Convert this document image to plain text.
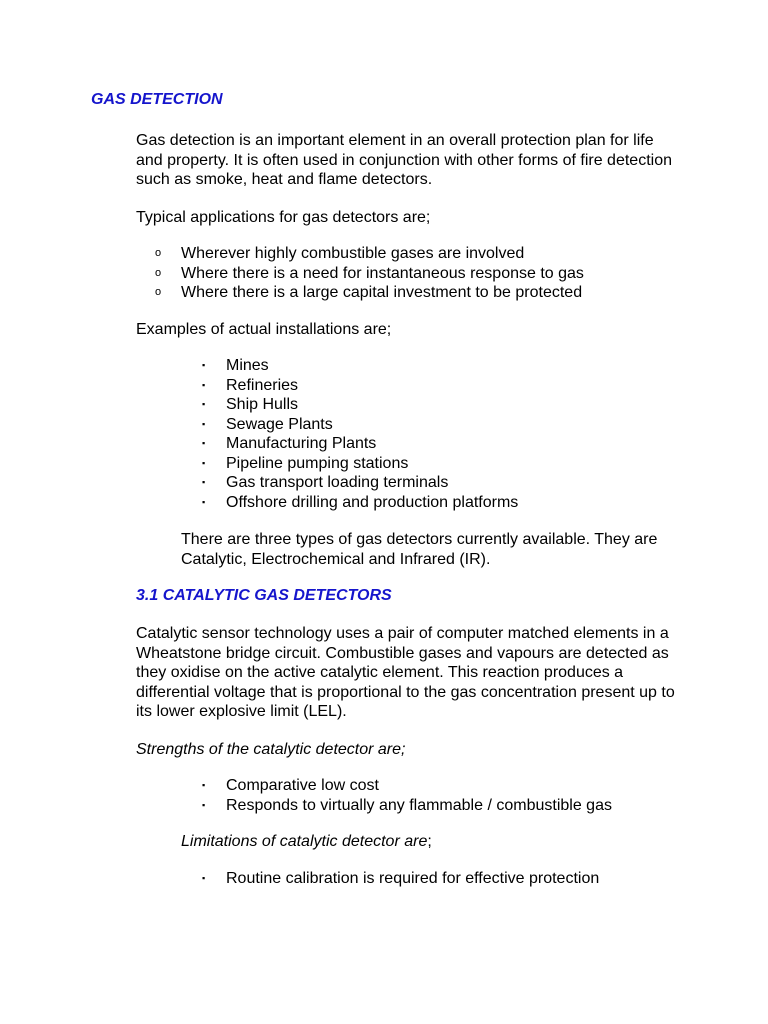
GAS DETECTION

Gas detection is an important element in an overall protection plan for life and property. It is often used in conjunction with other forms of fire detection such as smoke, heat and flame detectors.

Typical applications for gas detectors are;

o Wherever highly combustible gases are involved
o Where there is a need for instantaneous response to gas
o Where there is a large capital investment to be protected

Examples of actual installations are;

▪ Mines
▪ Refineries
▪ Ship Hulls
▪ Sewage Plants
▪ Manufacturing Plants
▪ Pipeline pumping stations
▪ Gas transport loading terminals
▪ Offshore drilling and production platforms

There are three types of gas detectors currently available. They are Catalytic, Electrochemical and Infrared (IR).

3.1 CATALYTIC GAS DETECTORS

Catalytic sensor technology uses a pair of computer matched elements in a Wheatstone bridge circuit. Combustible gases and vapours are detected as they oxidise on the active catalytic element. This reaction produces a differential voltage that is proportional to the gas concentration present up to its lower explosive limit (LEL).

Strengths of the catalytic detector are;

▪ Comparative low cost
▪ Responds to virtually any flammable / combustible gas

Limitations of catalytic detector are;

▪ Routine calibration is required for effective protection
